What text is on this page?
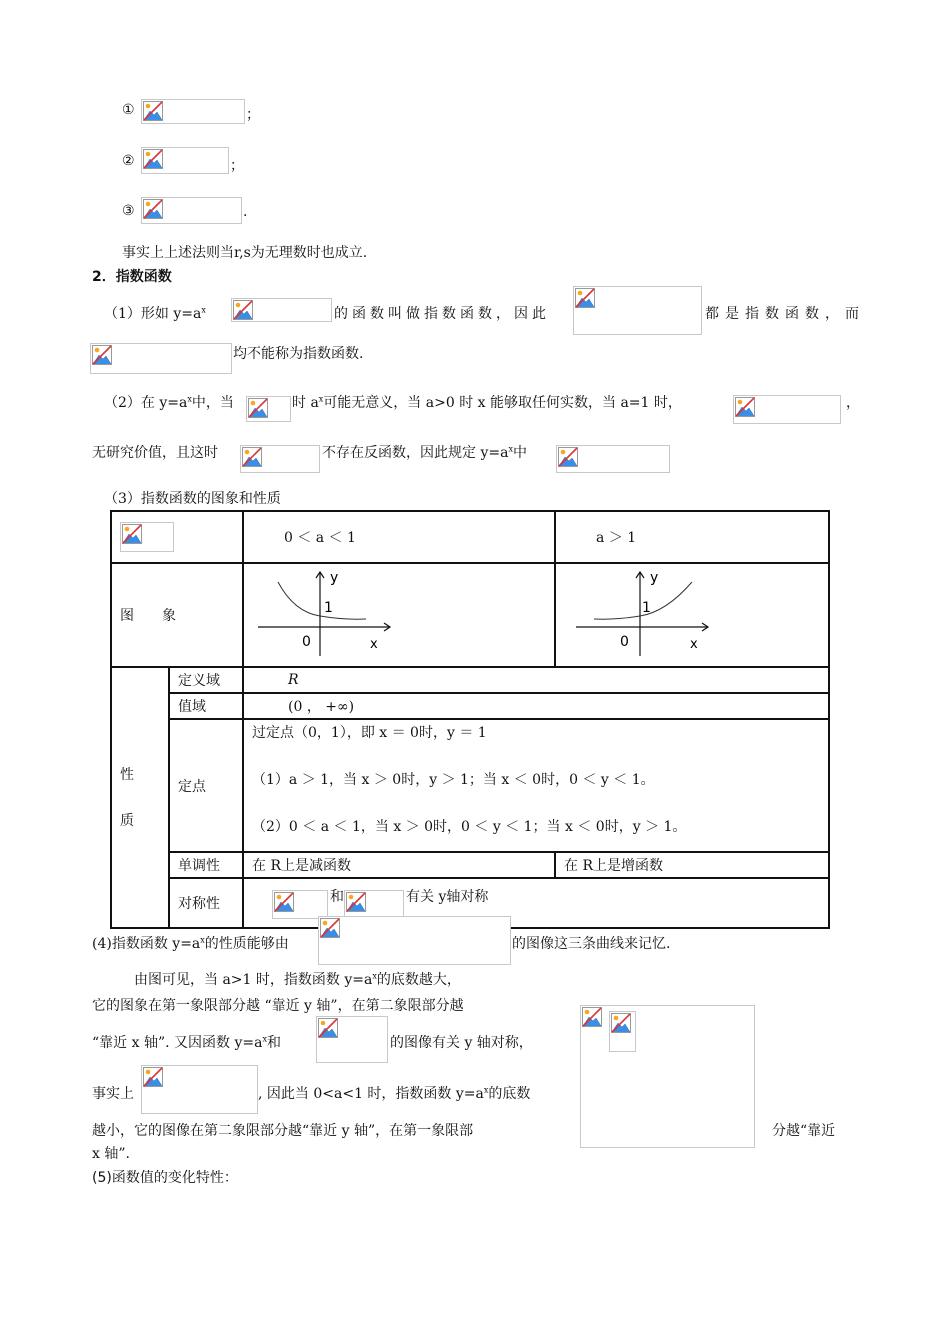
①	；
②	；
③	.
事实上上述法则当r,s为无理数时也成立.
2．指数函数
（1）形如 $y=a^x$	的函数叫做指数函数，因此	都是指数函数，而
均不能称为指数函数.
（2）在 $y=a^x$中，当	时 $a^x$可能无意义，当 a>0 时 x 能够取任何实数，当 a=1 时，	，
无研究价值，且这时	不存在反函数，因此规定 $y=a^x$中
（3）指数函数的图象和性质
	0 ＜ a ＜ 1	a ＞ 1
图　　象		y
x
1
0	y
x
1
0

性
质	定义域	R	
	值域	(0 ， +∞)	
	定点	过定点（0，1），即 x ＝ 0时，y ＝ 1
（1）a ＞ 1，当 x ＞ 0时，y ＞ 1；当 x ＜ 0时，0 ＜ y ＜ 1。
（2）0 ＜ a ＜ 1，当 x ＞ 0时，0 ＜ y ＜ 1；当 x ＜ 0时，y ＞ 1。	

	单调性	在 R上是减函数	在 R上是增函数
	对称性	和 有关 y轴对称	
(4)指数函数 $y=a^x$的性质能够由	的图像这三条曲线来记忆.
由图可见，当 a>1 时，指数函数 $y=a^x$的底数越大，
它的图象在第一象限部分越 “靠近 y 轴”，在第二象限部分越
“靠近 x 轴”. 又因函数 $y=a^x$和	的图像有关 y 轴对称，
事实上	, 因此当 0<a<1 时，指数函数 $y=a^x$的底数
越小，它的图像在第二象限部分越“靠近 y 轴”，在第一象限部	分越“靠近
x 轴”.
(5)函数值的变化特性：
